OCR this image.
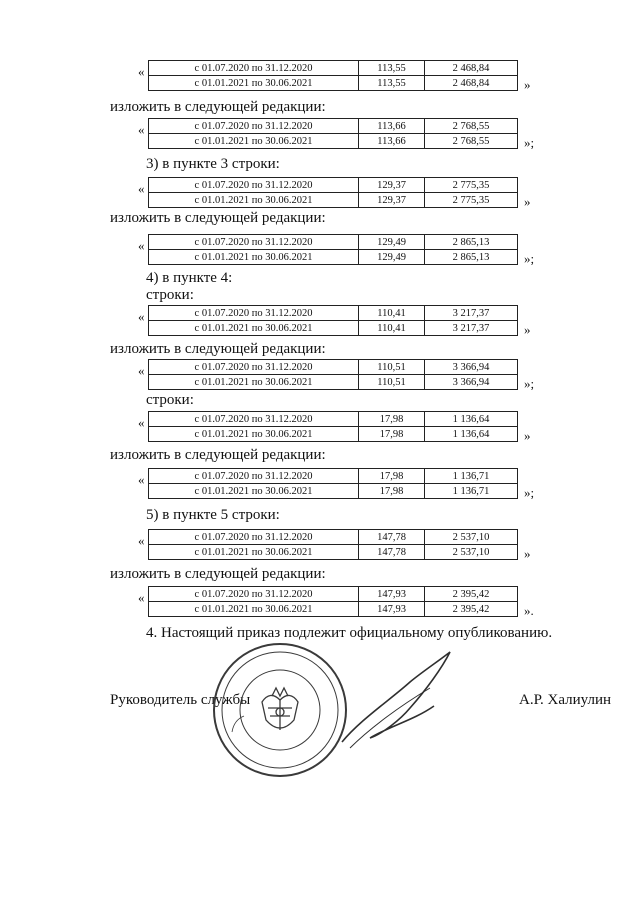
изложить в следующей редакции:
3) в пункте 3 строки:
изложить в следующей редакции:
4) в пункте 4:
строки:
изложить в следующей редакции:
строки:
изложить в следующей редакции:
5) в пункте 5 строки:
изложить в следующей редакции:
4. Настоящий приказ подлежит официальному опубликованию.
«	с 01.07.2020 по 31.12.2020	113,55	2 468,84
с 01.01.2021 по 30.06.2021	113,55	2 468,84	»
«	с 01.07.2020 по 31.12.2020	113,66	2 768,55
с 01.01.2021 по 30.06.2021	113,66	2 768,55	»;
«	с 01.07.2020 по 31.12.2020	129,37	2 775,35
с 01.01.2021 по 30.06.2021	129,37	2 775,35	»
«	с 01.07.2020 по 31.12.2020	129,49	2 865,13
с 01.01.2021 по 30.06.2021	129,49	2 865,13	»;
«	с 01.07.2020 по 31.12.2020	110,41	3 217,37
с 01.01.2021 по 30.06.2021	110,41	3 217,37	»
«	с 01.07.2020 по 31.12.2020	110,51	3 366,94
с 01.01.2021 по 30.06.2021	110,51	3 366,94	»;
«	с 01.07.2020 по 31.12.2020	17,98	1 136,64
с 01.01.2021 по 30.06.2021	17,98	1 136,64	»
«	с 01.07.2020 по 31.12.2020	17,98	1 136,71
с 01.01.2021 по 30.06.2021	17,98	1 136,71	»;
«	с 01.07.2020 по 31.12.2020	147,78	2 537,10
с 01.01.2021 по 30.06.2021	147,78	2 537,10	»
«	с 01.07.2020 по 31.12.2020	147,93	2 395,42
с 01.01.2021 по 30.06.2021	147,93	2 395,42	».
Руководитель службы	А.Р. Халиулин
